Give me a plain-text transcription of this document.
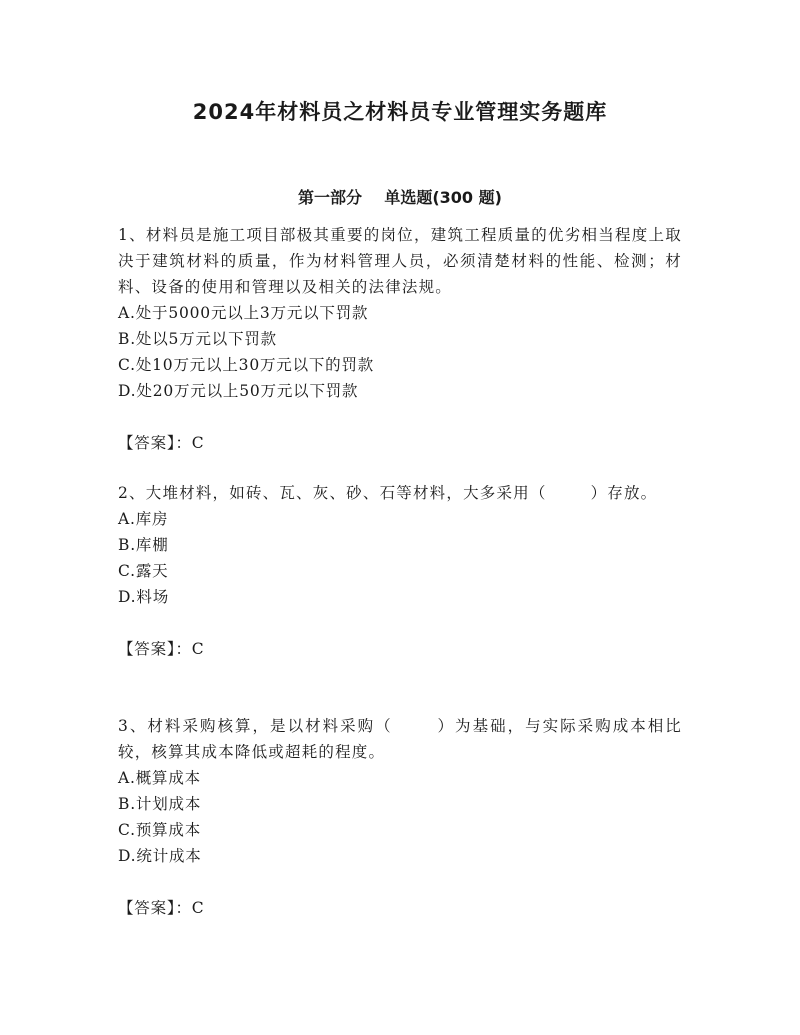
2024年材料员之材料员专业管理实务题库
第一部分    单选题(300 题)

1、材料员是施工项目部极其重要的岗位，建筑工程质量的优劣相当程度上取决于建筑材料的质量，作为材料管理人员，必须清楚材料的性能、检测；材料、设备的使用和管理以及相关的法律法规。

A.处于5000元以上3万元以下罚款

B.处以5万元以下罚款

C.处10万元以上30万元以下的罚款

D.处20万元以上50万元以下罚款

【答案】：C

2、大堆材料，如砖、瓦、灰、砂、石等材料，大多采用（	）存放。

A.库房

B.库棚

C.露天

D.料场

【答案】：C

3、材料采购核算，是以材料采购（	）为基础，与实际采购成本相比较，核算其成本降低或超耗的程度。

A.概算成本

B.计划成本

C.预算成本

D.统计成本

【答案】：C
